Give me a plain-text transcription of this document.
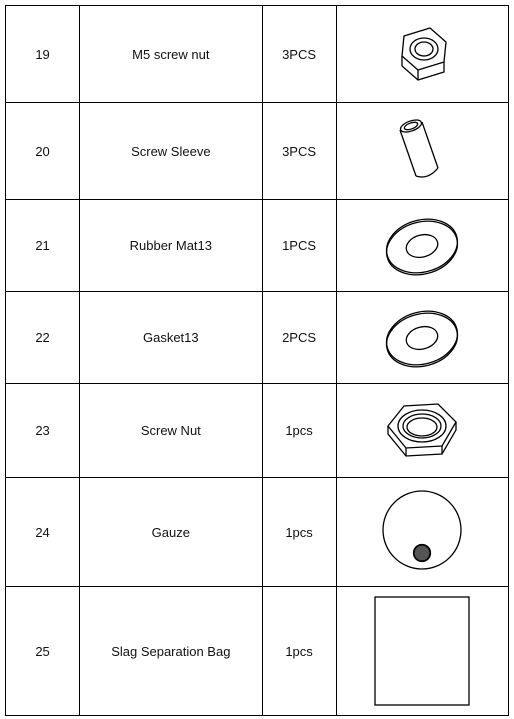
19	M5 screw nut	3PCS	

20	Screw Sleeve	3PCS	

21	Rubber Mat13	1PCS	

22	Gasket13	2PCS	

23	Screw Nut	1pcs	

24	Gauze	1pcs	

25	Slag Separation Bag	1pcs	
